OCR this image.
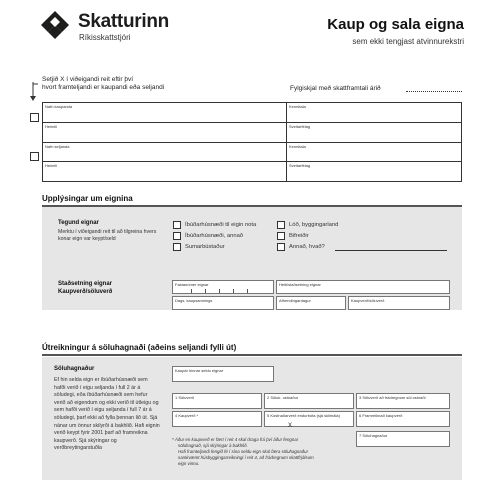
Skatturinn
Ríkisskattstjóri
Kaup og sala eigna
sem ekki tengjast atvinnurekstri
Setjið X í viðeigandi reit eftir því
hvort framteljandi er kaupandi eða seljandi	Fylgiskjal með skattframtali árið
Nafn kaupanda	Kennitala
Heimili	Sveitarfélag
Nafn seljanda	Kennitala
Heimili	Sveitarfélag
Upplýsingar um eignina
Tegund eignar
Merktu í viðeigandi reit til að tilgreina hvers konar eign var keypt/seld
Íbúðarhúsnæði til eigin nota
Íbúðarhúsnæði, annað
Sumarbústaður
Lóð, byggingarland
Bifreiðir
Annað, hvað?
Staðsetning eignar
Kaupverð/söluverð
Fastanúmer eignar	Heiti/staðsetning eignar
Dags. kaupsamnings	Afhendingardagur	Kaupverð/söluverð
Útreikningur á söluhagnaði (aðeins seljandi fylli út)
Söluhagnaður
Ef hin selda eign er íbúðarhúsnæði sem hafði verið í eigu seljanda í full 2 ár á söludegi, eða íbúðarhúsnæði sem hefur verið að eigendum og ekki verið til útleigu og sem hafði verið í eigu seljanda í full 7 ár á söludegi, þarf ekki að fylla þennan lið út. Sjá nánar um önnur skilyrði á bakhlið. Hafi eignin verið keypt fyrir 2001 þarf að framreikna kaupverð. Sjá skýringar og verðbreytingarstuðla
Kaupár hinnar seldu eignar
1 Söluverð	2 Söluk. ostnaður	3 Söluverð að frádregnum söl.ostnaði
4 Kaupverð *	5 Kostnaðarverð endurbóta (sjá skilmála)	6 Framreiknað kaupverð
X
7 Söluhagnaður
* Áður en kaupverð er fært í reit 4 skal draga frá því áður fengnar
söluhagnað, sjá skýringar á bakhlið.
Hafi framteljandi fengið fé í sína seldu eign skal færa söluhagnaður
samkvæmt húsbyggingarreikningi í reit 4, að frádregnum skattfrjálsum
eign vinnu.
